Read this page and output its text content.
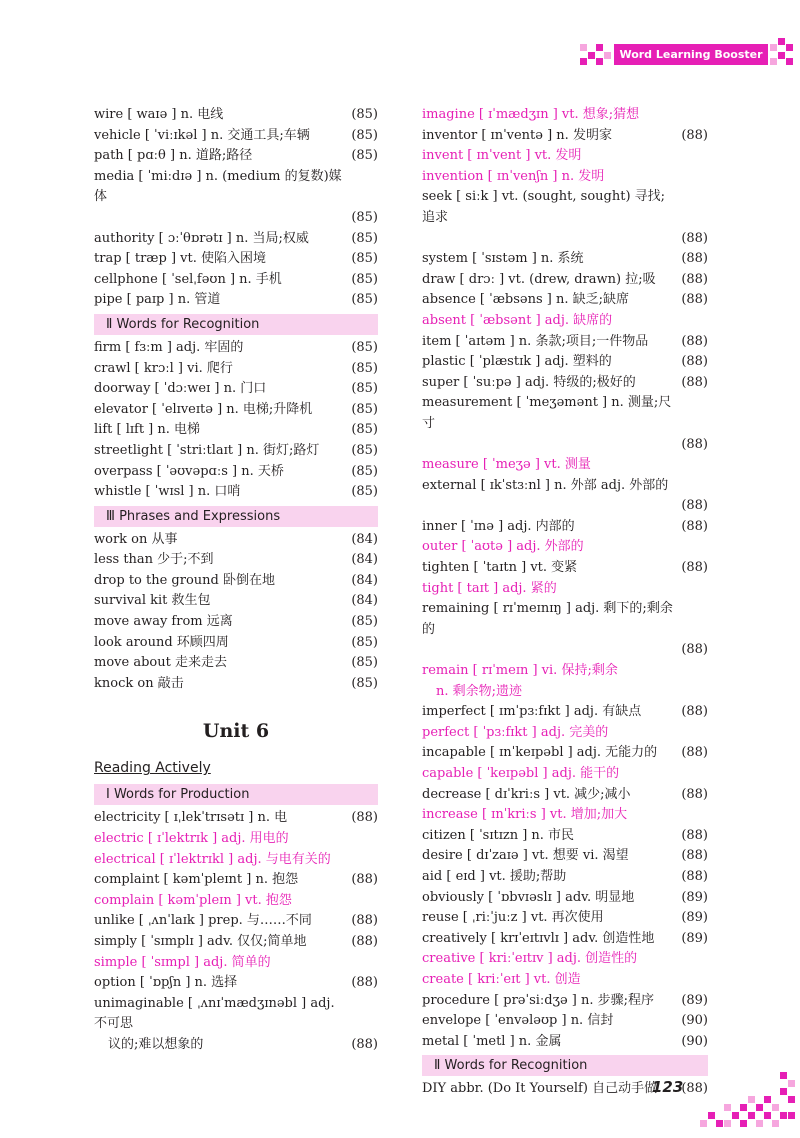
Word Learning Booster
wire [ waɪə ] n. 电线	(85)
vehicle [ ˈviːɪkəl ] n. 交通工具;车辆	(85)
path [ pɑːθ ] n. 道路;路径	(85)
media [ ˈmiːdɪə ] n. (medium 的复数)媒体

(85)
authority [ ɔːˈθɒrətɪ ] n. 当局;权威	(85)
trap [ træp ] vt. 使陷入困境	(85)
cellphone [ ˈselˌfəʊn ] n. 手机	(85)
pipe [ paɪp ] n. 管道	(85)
Ⅱ Words for Recognition
firm [ fɜːm ] adj. 牢固的	(85)
crawl [ krɔːl ] vi. 爬行	(85)
doorway [ ˈdɔːweɪ ] n. 门口	(85)
elevator [ ˈelɪveɪtə ] n. 电梯;升降机	(85)
lift [ lɪft ] n. 电梯	(85)
streetlight [ ˈstriːtlaɪt ] n. 街灯;路灯 (85)
overpass [ ˈəʊvəpɑːs ] n. 天桥	(85)
whistle [ ˈwɪsl ] n. 口哨	(85)
Ⅲ Phrases and Expressions
work on 从事	(84)
less than 少于;不到	(84)
drop to the ground 卧倒在地	(84)
survival kit 救生包	(84)
move away from 远离	(85)
look around 环顾四周	(85)
move about 走来走去	(85)
knock on 敲击	(85)
Unit 6
Reading Actively
Ⅰ Words for Production
electricity [ ɪˌlekˈtrɪsətɪ ] n. 电	(88)
electric [ ɪˈlektrɪk ] adj. 用电的
electrical [ ɪˈlektrɪkl ] adj. 与电有关的
complaint [ kəmˈpleɪnt ] n. 抱怨	(88)
complain [ kəmˈpleɪn ] vt. 抱怨
unlike [ ˌʌnˈlaɪk ] prep. 与……不同	(88)
simply [ ˈsɪmplɪ ] adv. 仅仅;简单地	(88)
simple [ ˈsɪmpl ] adj. 简单的
option [ ˈɒpʃn ] n. 选择	(88)
unimaginable [ ˌʌnɪˈmædʒɪnəbl ] adj. 不可思
议的;难以想象的	(88)
imagine [ ɪˈmædʒɪn ] vt. 想象;猜想
inventor [ ɪnˈventə ] n. 发明家	(88)
invent [ ɪnˈvent ] vt. 发明
invention [ ɪnˈvenʃn ] n. 发明
seek [ siːk ] vt. (sought, sought) 寻找;追求

(88)
system [ ˈsɪstəm ] n. 系统	(88)
draw [ drɔː ] vt. (drew, drawn) 拉;吸 (88)
absence [ ˈæbsəns ] n. 缺乏;缺席	(88)
absent [ ˈæbsənt ] adj. 缺席的
item [ ˈaɪtəm ] n. 条款;项目;一件物品	(88)
plastic [ ˈplæstɪk ] adj. 塑料的	(88)
super [ ˈsuːpə ] adj. 特级的;极好的	(88)
measurement [ ˈmeʒəmənt ] n. 测量;尺寸

(88)
measure [ ˈmeʒə ] vt. 测量
external [ ɪkˈstɜːnl ] n. 外部 adj. 外部的

(88)
inner [ ˈɪnə ] adj. 内部的	(88)
outer [ ˈaʊtə ] adj. 外部的
tighten [ ˈtaɪtn ] vt. 变紧	(88)
tight [ taɪt ] adj. 紧的
remaining [ rɪˈmeɪnɪŋ ] adj. 剩下的;剩余的

(88)
remain [ rɪˈmeɪn ] vi. 保持;剩余
n. 剩余物;遗迹
imperfect [ ɪmˈpɜːfɪkt ] adj. 有缺点	(88)
perfect [ ˈpɜːfɪkt ] adj. 完美的
incapable [ ɪnˈkeɪpəbl ] adj. 无能力的 (88)
capable [ ˈkeɪpəbl ] adj. 能干的
decrease [ dɪˈkriːs ] vt. 减少;减小	(88)
increase [ ɪnˈkriːs ] vt. 增加;加大
citizen [ ˈsɪtɪzn ] n. 市民	(88)
desire [ dɪˈzaɪə ] vt. 想要 vi. 渴望	(88)
aid [ eɪd ] vt. 援助;帮助	(88)
obviously [ ˈɒbvɪəslɪ ] adv. 明显地	(89)
reuse [ ˌriːˈjuːz ] vt. 再次使用	(89)
creatively [ krɪˈeɪtɪvlɪ ] adv. 创造性地 (89)
creative [ kriːˈeɪtɪv ] adj. 创造性的
create [ kriːˈeɪt ] vt. 创造
procedure [ prəˈsiːdʒə ] n. 步骤;程序 (89)
envelope [ ˈenvələʊp ] n. 信封	(90)
metal [ ˈmetl ] n. 金属	(90)
Ⅱ Words for Recognition
DIY abbr. (Do It Yourself) 自己动手做 (88)
123
